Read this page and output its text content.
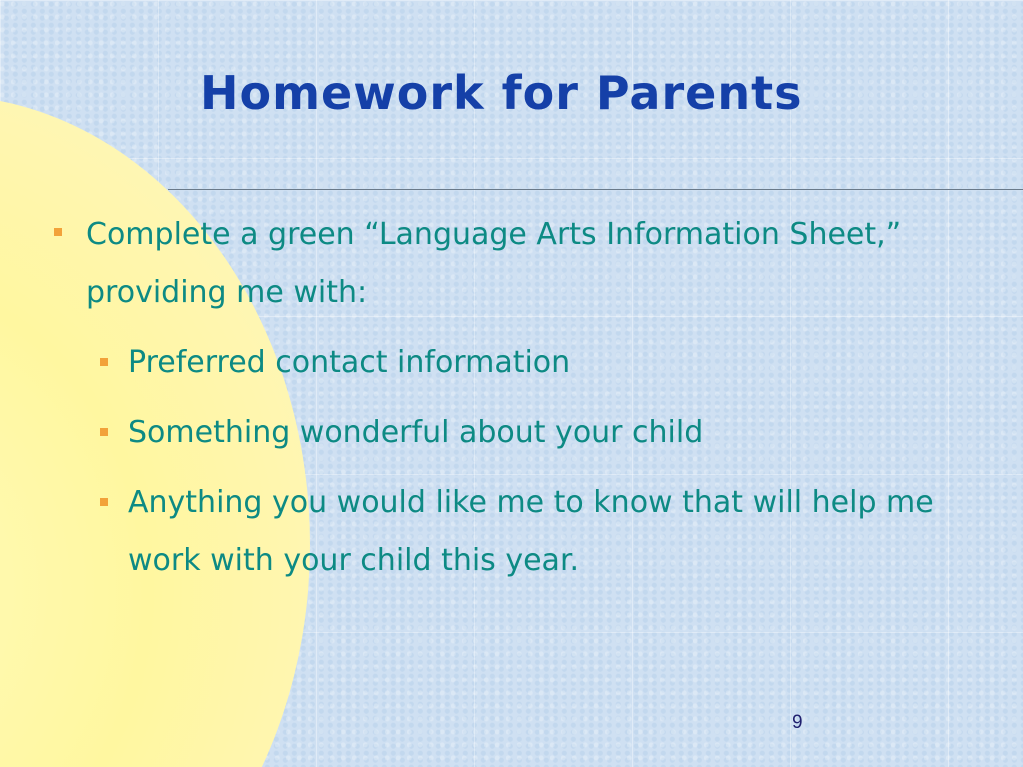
Homework for Parents
Complete a green “Language Arts Information Sheet,” providing me with:
Preferred contact information
Something wonderful about your child
Anything you would like me to know that will help me work with your child this year.
9
